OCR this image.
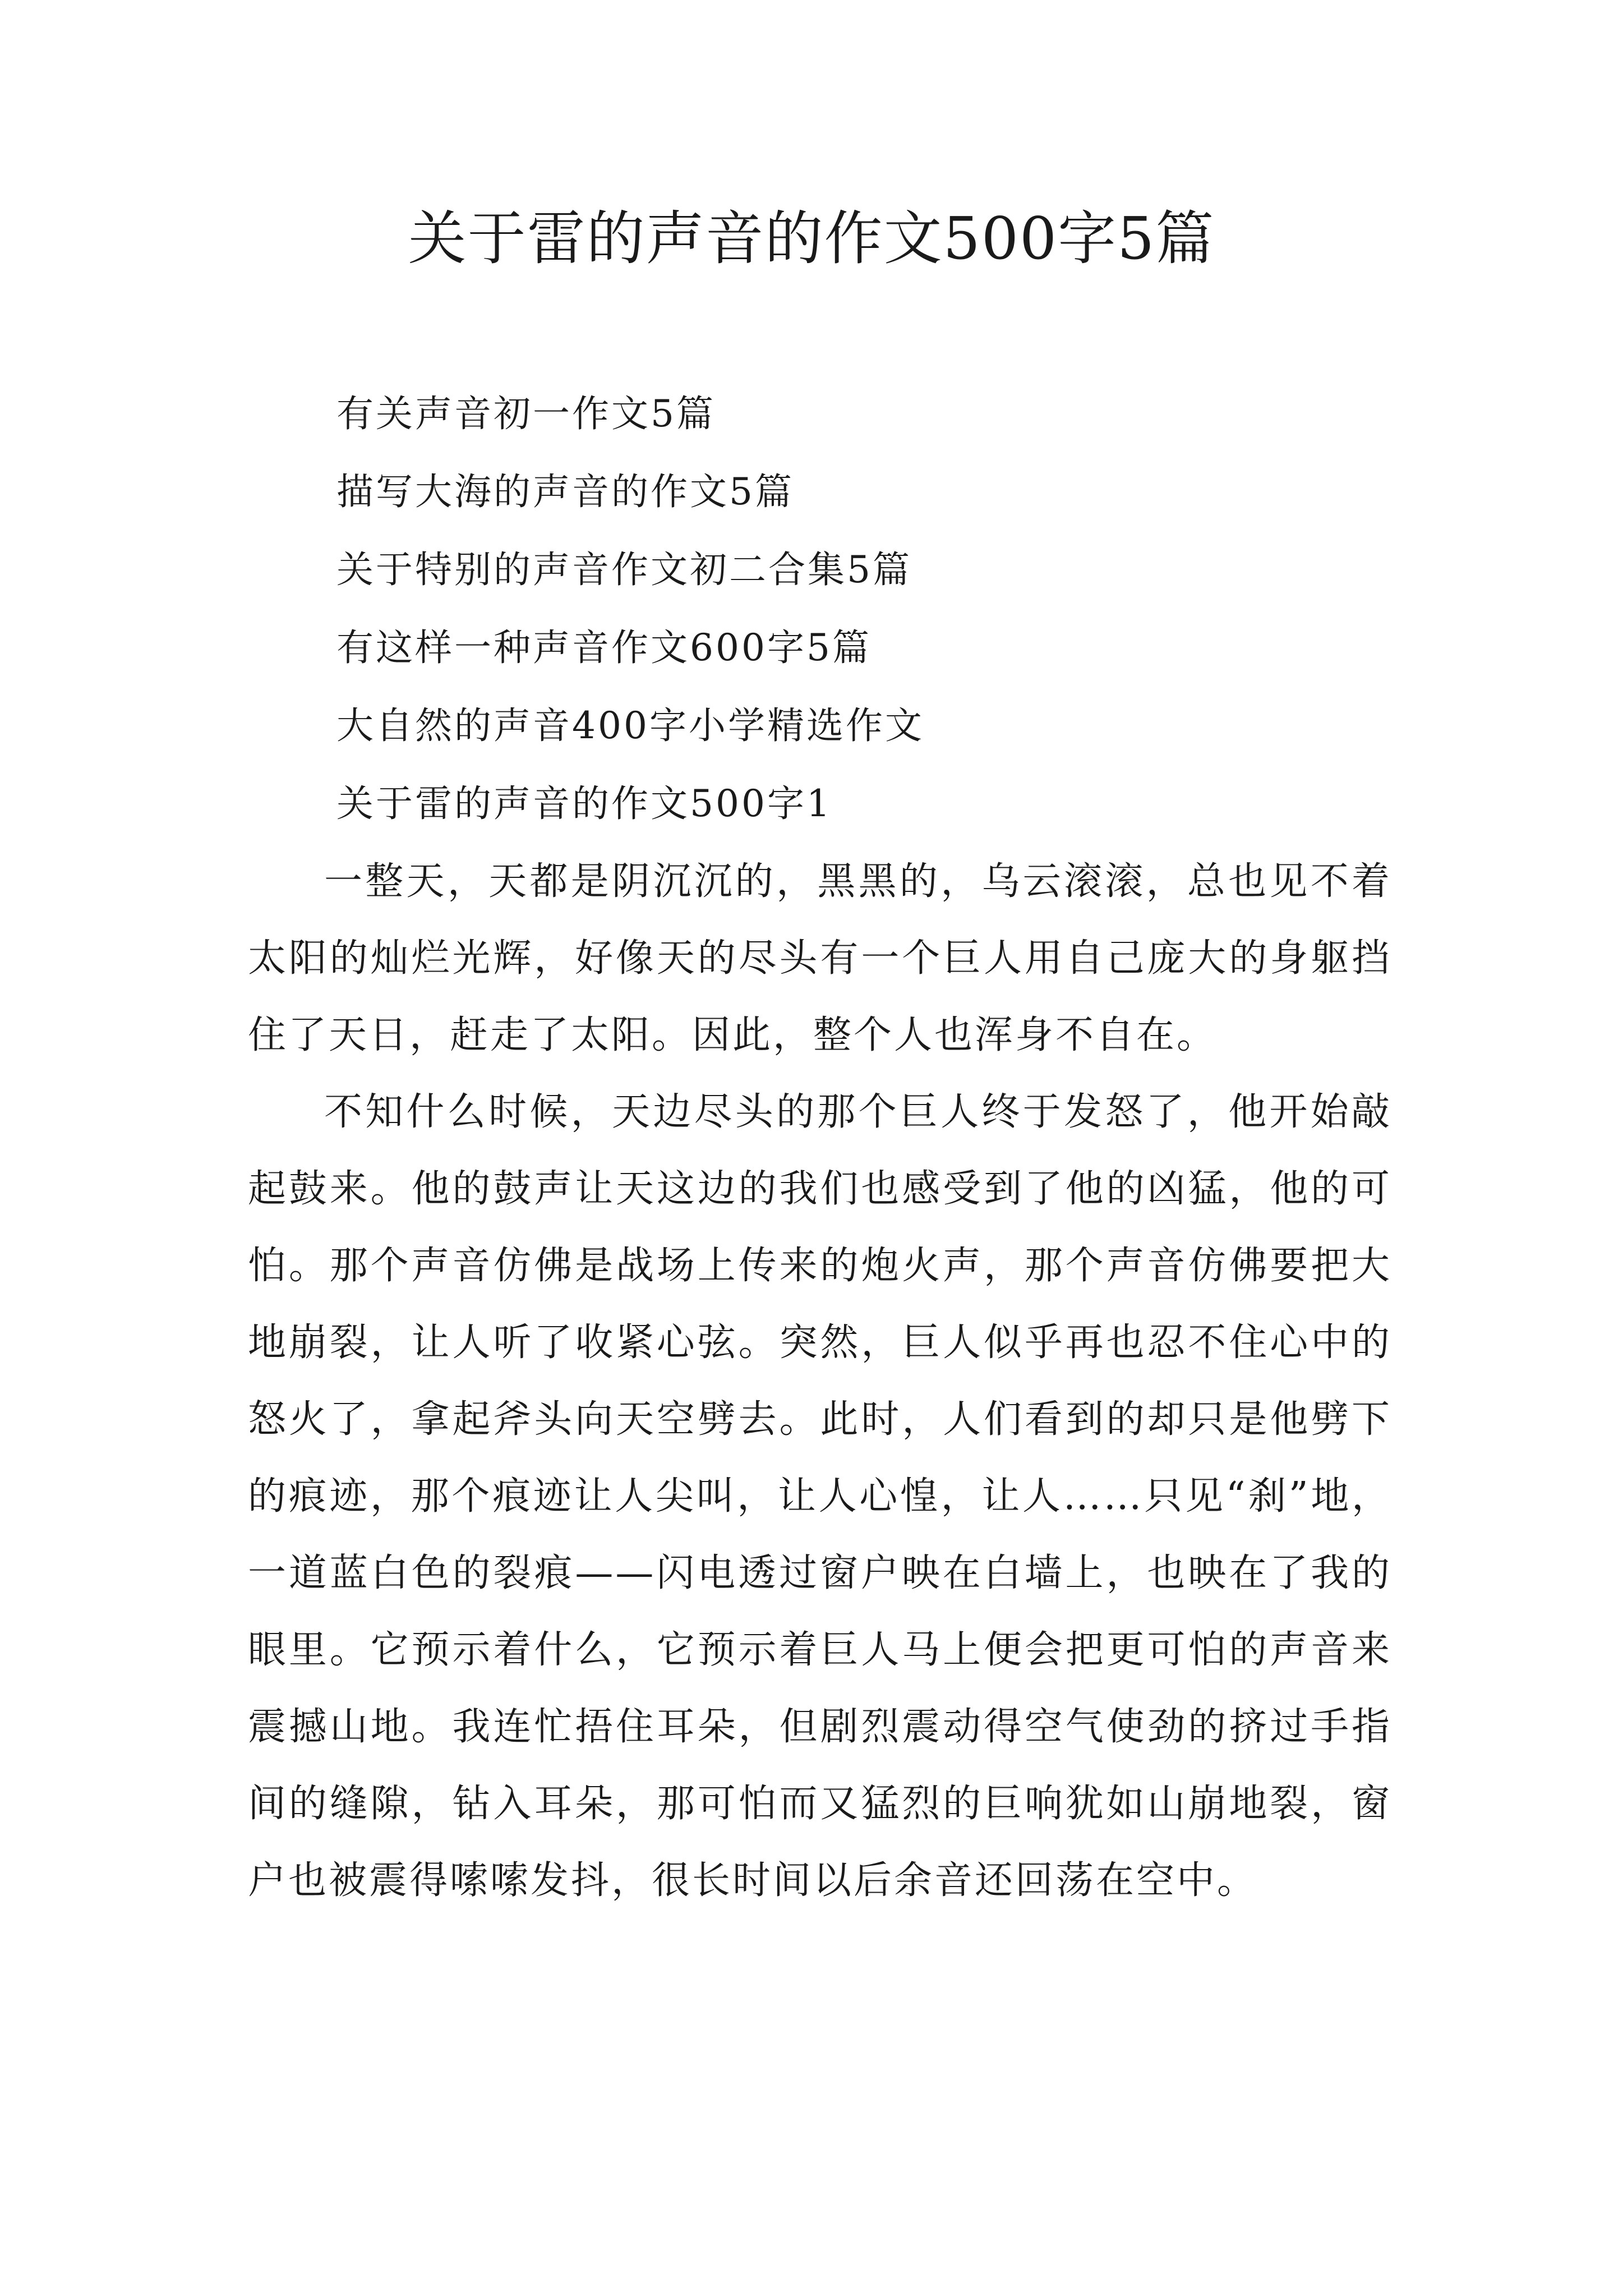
关于雷的声音的作文500字5篇
有关声音初一作文5篇
描写大海的声音的作文5篇
关于特别的声音作文初二合集5篇
有这样一种声音作文600字5篇
大自然的声音400字小学精选作文
关于雷的声音的作文500字1

一整天，天都是阴沉沉的，黑黑的，乌云滚滚，总也见不着太阳的灿烂光辉，好像天的尽头有一个巨人用自己庞大的身躯挡住了天日，赶走了太阳。因此，整个人也浑身不自在。

不知什么时候，天边尽头的那个巨人终于发怒了，他开始敲起鼓来。他的鼓声让天这边的我们也感受到了他的凶猛，他的可怕。那个声音仿佛是战场上传来的炮火声，那个声音仿佛要把大地崩裂，让人听了收紧心弦。突然，巨人似乎再也忍不住心中的怒火了，拿起斧头向天空劈去。此时，人们看到的却只是他劈下的痕迹，那个痕迹让人尖叫，让人心惶，让人……只见“刹”地，一道蓝白色的裂痕——闪电透过窗户映在白墙上，也映在了我的眼里。它预示着什么，它预示着巨人马上便会把更可怕的声音来震撼山地。我连忙捂住耳朵，但剧烈震动得空气使劲的挤过手指间的缝隙，钻入耳朵，那可怕而又猛烈的巨响犹如山崩地裂，窗户也被震得嗦嗦发抖，很长时间以后余音还回荡在空中。
